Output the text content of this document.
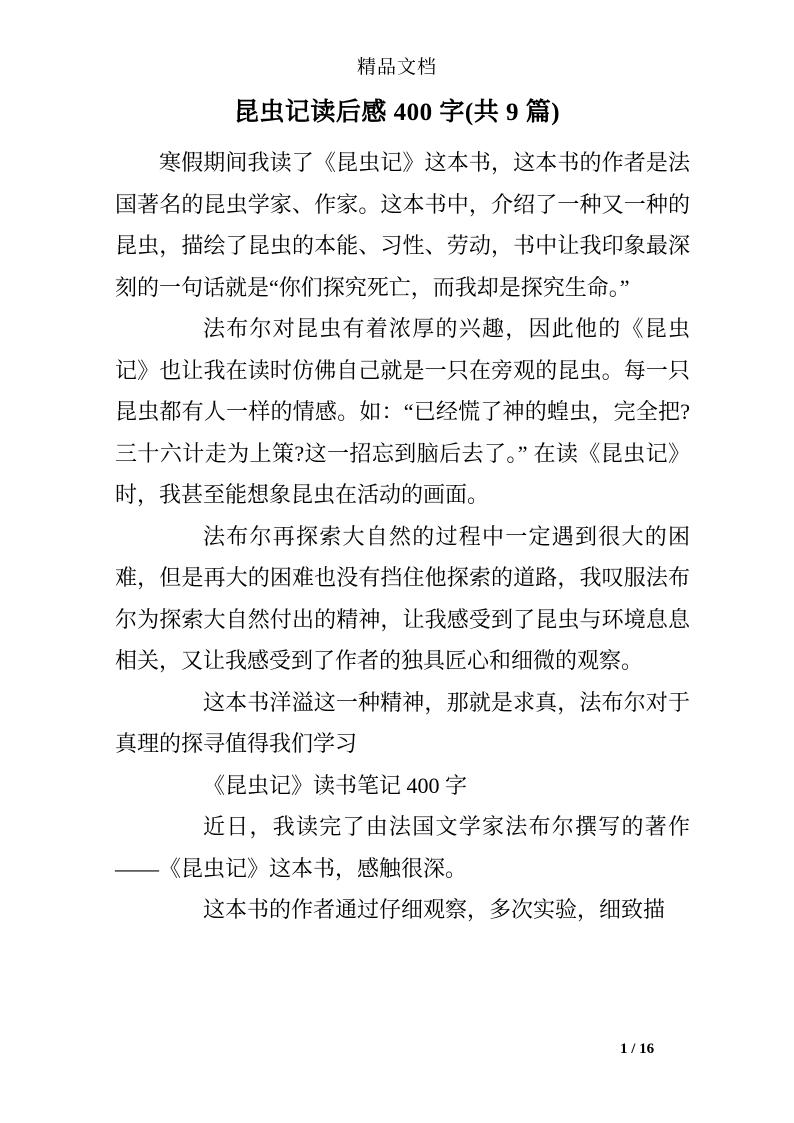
精品文档
昆虫记读后感 400 字(共 9 篇)

寒假期间我读了《昆虫记》这本书，这本书的作者是法国著名的昆虫学家、作家。这本书中，介绍了一种又一种的昆虫，描绘了昆虫的本能、习性、劳动，书中让我印象最深刻的一句话就是“你们探究死亡，而我却是探究生命。”

法布尔对昆虫有着浓厚的兴趣，因此他的《昆虫记》也让我在读时仿佛自己就是一只在旁观的昆虫。每一只昆虫都有人一样的情感。如：“已经慌了神的蝗虫，完全把?三十六计走为上策?这一招忘到脑后去了。” 在读《昆虫记》时，我甚至能想象昆虫在活动的画面。

法布尔再探索大自然的过程中一定遇到很大的困难，但是再大的困难也没有挡住他探索的道路，我叹服法布尔为探索大自然付出的精神，让我感受到了昆虫与环境息息相关，又让我感受到了作者的独具匠心和细微的观察。

这本书洋溢这一种精神，那就是求真，法布尔对于真理的探寻值得我们学习

《昆虫记》读书笔记 400 字

近日，我读完了由法国文学家法布尔撰写的著作——《昆虫记》这本书，感触很深。

这本书的作者通过仔细观察，多次实验，细致描

1 / 16
